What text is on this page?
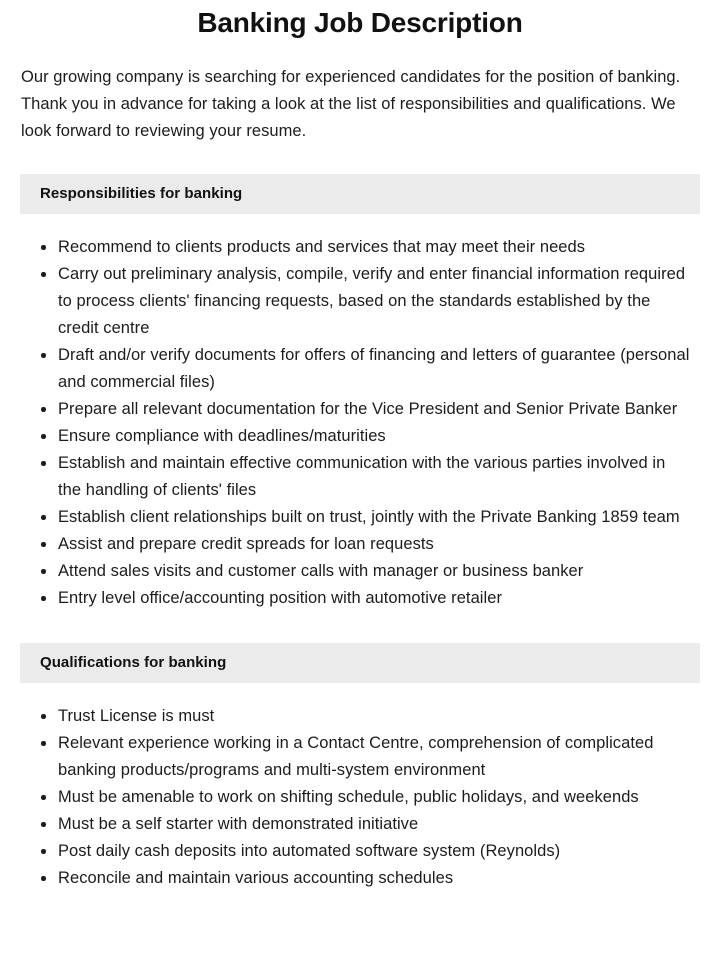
Banking Job Description

Our growing company is searching for experienced candidates for the position of banking. Thank you in advance for taking a look at the list of responsibilities and qualifications. We look forward to reviewing your resume.

Responsibilities for banking
Recommend to clients products and services that may meet their needs
Carry out preliminary analysis, compile, verify and enter financial information required to process clients' financing requests, based on the standards established by the credit centre
Draft and/or verify documents for offers of financing and letters of guarantee (personal and commercial files)
Prepare all relevant documentation for the Vice President and Senior Private Banker
Ensure compliance with deadlines/maturities
Establish and maintain effective communication with the various parties involved in the handling of clients' files
Establish client relationships built on trust, jointly with the Private Banking 1859 team
Assist and prepare credit spreads for loan requests
Attend sales visits and customer calls with manager or business banker
Entry level office/accounting position with automotive retailer
Qualifications for banking
Trust License is must
Relevant experience working in a Contact Centre, comprehension of complicated banking products/programs and multi-system environment
Must be amenable to work on shifting schedule, public holidays, and weekends
Must be a self starter with demonstrated initiative
Post daily cash deposits into automated software system (Reynolds)
Reconcile and maintain various accounting schedules
